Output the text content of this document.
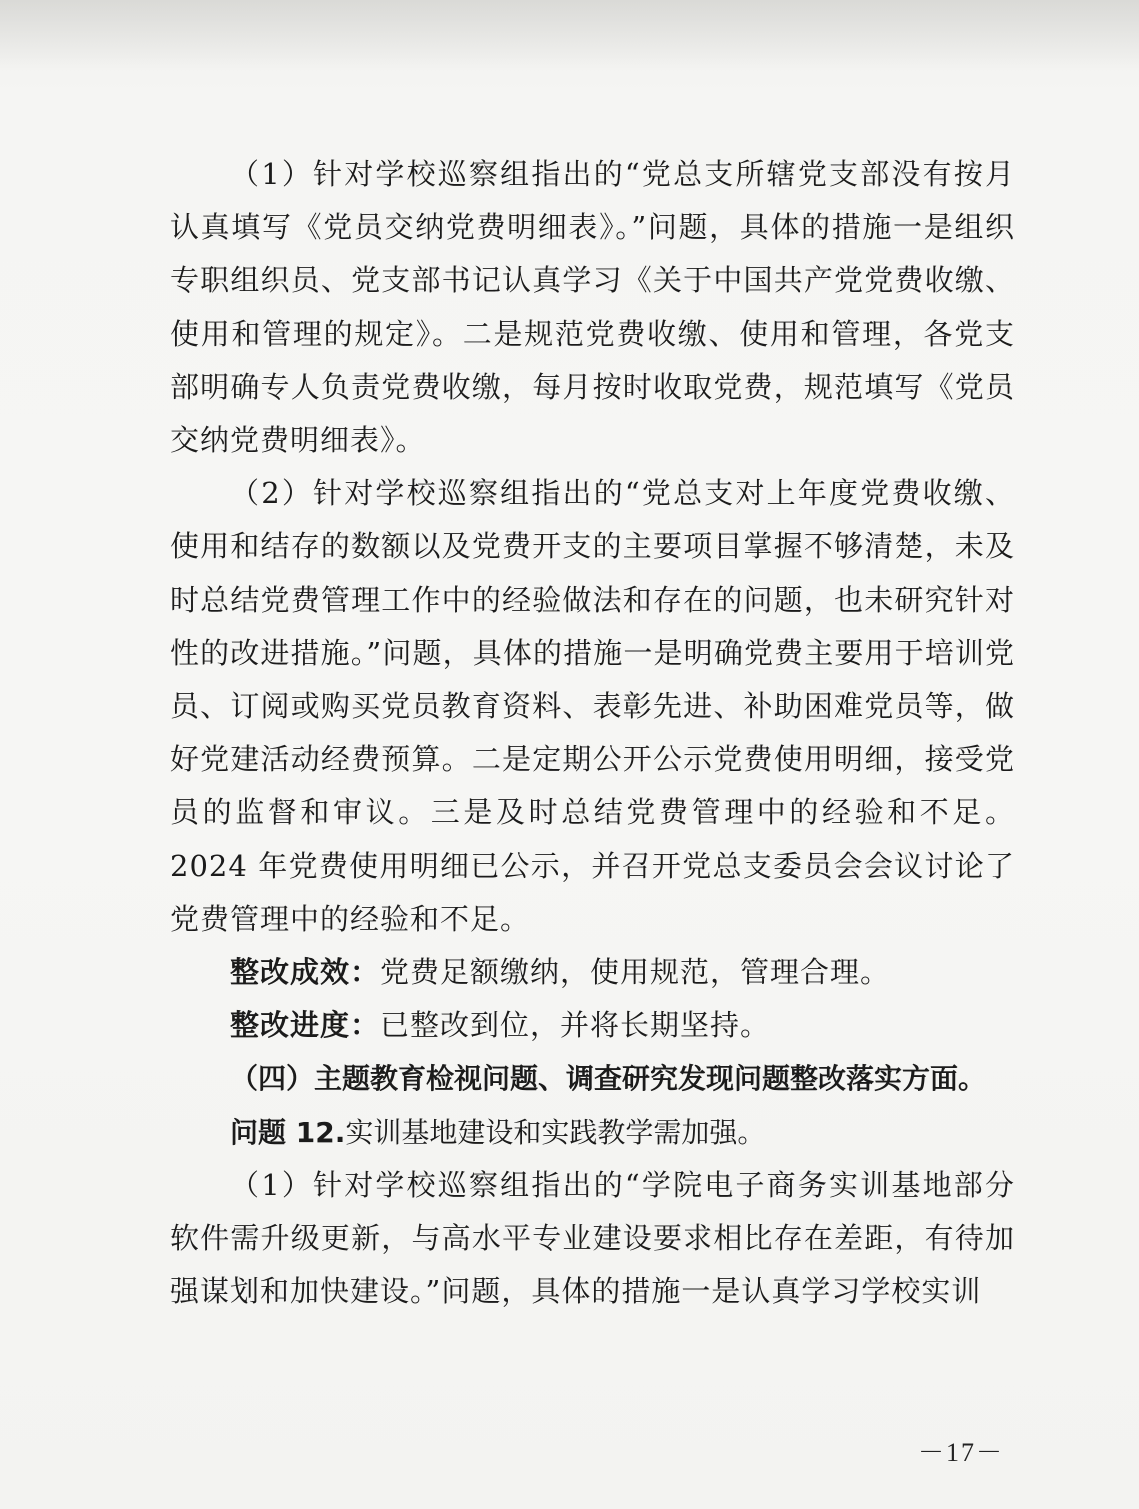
（1）针对学校巡察组指出的“党总支所辖党支部没有按月认真填写《党员交纳党费明细表》。”问题，具体的措施一是组织专职组织员、党支部书记认真学习《关于中国共产党党费收缴、使用和管理的规定》。二是规范党费收缴、使用和管理，各党支部明确专人负责党费收缴，每月按时收取党费，规范填写《党员交纳党费明细表》。

（2）针对学校巡察组指出的“党总支对上年度党费收缴、使用和结存的数额以及党费开支的主要项目掌握不够清楚，未及时总结党费管理工作中的经验做法和存在的问题，也未研究针对性的改进措施。”问题，具体的措施一是明确党费主要用于培训党员、订阅或购买党员教育资料、表彰先进、补助困难党员等，做好党建活动经费预算。二是定期公开公示党费使用明细，接受党员的监督和审议。三是及时总结党费管理中的经验和不足。2024 年党费使用明细已公示，并召开党总支委员会会议讨论了党费管理中的经验和不足。

整改成效：党费足额缴纳，使用规范，管理合理。

整改进度：已整改到位，并将长期坚持。

（四）主题教育检视问题、调查研究发现问题整改落实方面。

问题 12.实训基地建设和实践教学需加强。

（1）针对学校巡察组指出的“学院电子商务实训基地部分软件需升级更新，与高水平专业建设要求相比存在差距，有待加强谋划和加快建设。”问题，具体的措施一是认真学习学校实训

－17－
